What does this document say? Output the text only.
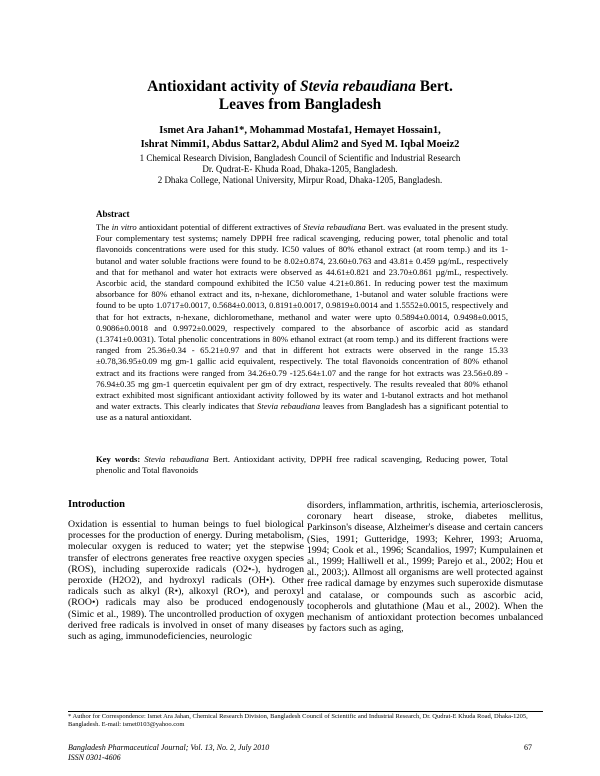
Antioxidant activity of Stevia rebaudiana Bert.
Leaves from Bangladesh
Ismet Ara Jahan1*, Mohammad Mostafa1, Hemayet Hossain1,
Ishrat Nimmi1, Abdus Sattar2, Abdul Alim2 and Syed M. Iqbal Moeiz2
1 Chemical Research Division, Bangladesh Council of Scientific and Industrial Research
Dr. Qudrat-E- Khuda Road, Dhaka-1205, Bangladesh.
2 Dhaka College, National University, Mirpur Road, Dhaka-1205, Bangladesh.
Abstract

The in vitro antioxidant potential of different extractives of Stevia rebaudiana Bert. was evaluated in the present study. Four complementary test systems; namely DPPH free radical scavenging, reducing power, total phenolic and total flavonoids concentrations were used for this study. IC50 values of 80% ethanol extract (at room temp.) and its 1-butanol and water soluble fractions were found to be 8.02±0.874, 23.60±0.763 and 43.81± 0.459 µg/mL, respectively and that for methanol and water hot extracts were observed as 44.61±0.821 and 23.70±0.861 µg/mL, respectively. Ascorbic acid, the standard compound exhibited the IC50 value 4.21±0.861. In reducing power test the maximum absorbance for 80% ethanol extract and its, n-hexane, dichloromethane, 1-butanol and water soluble fractions were found to be upto 1.0717±0.0017, 0.5684±0.0013, 0.8191±0.0017, 0.9819±0.0014 and 1.5552±0.0015, respectively and that for hot extracts, n-hexane, dichloromethane, methanol and water were upto 0.5894±0.0014, 0.9498±0.0015, 0.9086±0.0018 and 0.9972±0.0029, respectively compared to the absorbance of ascorbic acid as standard (1.3741±0.0031). Total phenolic concentrations in 80% ethanol extract (at room temp.) and its different fractions were ranged from 25.36±0.34 - 65.21±0.97 and that in different hot extracts were observed in the range 15.33 ±0.78,36.95±0.09 mg gm-1 gallic acid equivalent, respectively. The total flavonoids concentration of 80% ethanol extract and its fractions were ranged from 34.26±0.79 -125.64±1.07 and the range for hot extracts was 23.56±0.89 - 76.94±0.35 mg gm-1 quercetin equivalent per gm of dry extract, respectively. The results revealed that 80% ethanol extract exhibited most significant antioxidant activity followed by its water and 1-butanol extracts and hot methanol and water extracts. This clearly indicates that Stevia rebaudiana leaves from Bangladesh has a significant potential to use as a natural antioxidant.

Key words: Stevia rebaudiana Bert. Antioxidant activity, DPPH free radical scavenging, Reducing power, Total phenolic and Total flavonoids

Introduction

Oxidation is essential to human beings to fuel biological processes for the production of energy. During metabolism, molecular oxygen is reduced to water; yet the stepwise transfer of electrons generates free reactive oxygen species (ROS), including superoxide radicals (O2•-), hydrogen peroxide (H2O2), and hydroxyl radicals (OH•). Other radicals such as alkyl (R•), alkoxyl (RO•), and peroxyl (ROO•) radicals may also be produced endogenously (Simic et al., 1989). The uncontrolled production of oxygen derived free radicals is involved in onset of many diseases such as aging, immunodeficiencies, neurologic

disorders, inflammation, arthritis, ischemia, arteriosclerosis, coronary heart disease, stroke, diabetes mellitus, Parkinson's disease, Alzheimer's disease and certain cancers (Sies, 1991; Gutteridge, 1993; Kehrer, 1993; Aruoma, 1994; Cook et al., 1996; Scandalios, 1997; Kumpulainen et al., 1999; Halliwell et al., 1999; Parejo et al., 2002; Hou et al., 2003;). Allmost all organisms are well protected against free radical damage by enzymes such superoxide dismutase and catalase, or compounds such as ascorbic acid, tocopherols and glutathione (Mau et al., 2002). When the mechanism of antioxidant protection becomes unbalanced by factors such as aging,

* Author for Correspondence: Ismet Ara Jahan, Chemical Research Division, Bangladesh Council of Scientific and Industrial Research, Dr. Qudrat-E Khuda Road, Dhaka-1205, Bangladesh. E-mail: ismet0103@yahoo.com
Bangladesh Pharmaceutical Journal; Vol. 13, No. 2, July 2010
ISSN 0301-4606
67
